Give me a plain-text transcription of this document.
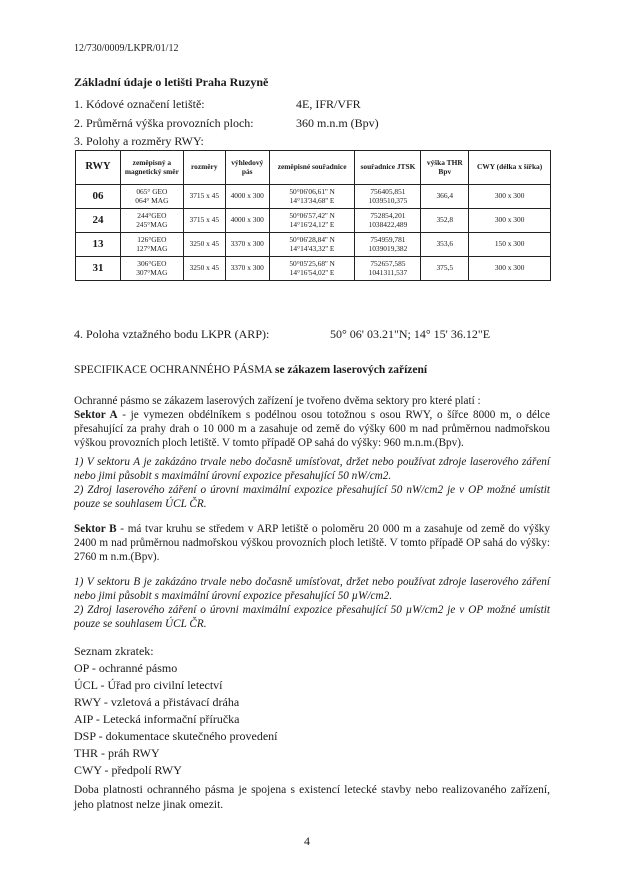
12/730/0009/LKPR/01/12
Základní údaje o letišti Praha Ruzyně
1. Kódové označení letiště:	4E, IFR/VFR
2. Průměrná výška provozních ploch:	360 m.n.m (Bpv)
3. Polohy a rozměry RWY:
RWY	zeměpisný a magnetický směr	rozměry	výhledový pás	zeměpisné souřadnice	souřadnice JTSK	výška THR Bpv	CWY (délka x šířka)
06	065° GEO
064° MAG	3715 x 45	4000 x 300	50°06'06,61'' N
14°13'34,68'' E	756405,851
1039510,375	366,4	300 x 300
24	244°GEO
245°MAG	3715 x 45	4000 x 300	50°06'57,42'' N
14°16'24,12'' E	752854,201
1038422,489	352,8	300 x 300
13	126°GEO
127°MAG	3250 x 45	3370 x 300	50°06'28,84'' N
14°14'43,32'' E	754959,781
1039019,382	353,6	150 x 300
31	306°GEO
307°MAG	3250 x 45	3370 x 300	50°05'25,68'' N
14°16'54,02'' E	752657,585
1041311,537	375,5	300 x 300
4. Poloha vztažného bodu LKPR (ARP):	50° 06' 03.21"N; 14° 15' 36.12"E
SPECIFIKACE OCHRANNÉHO PÁSMA se zákazem laserových zařízení
Ochranné pásmo se zákazem laserových zařízení je tvořeno dvěma sektory pro které platí :
Sektor A - je vymezen obdélníkem s podélnou osou totožnou s osou RWY, o šířce 8000 m, o délce přesahující za prahy drah o 10 000 m a zasahuje od země do výšky 600 m nad průměrnou nadmořskou výškou provozních ploch letiště. V tomto případě OP sahá do výšky: 960 m.n.m.(Bpv).
1) V sektoru A je zakázáno trvale nebo dočasně umísťovat, držet nebo používat zdroje laserového záření nebo jimi působit s maximální úrovní expozice přesahující 50 nW/cm2.
2) Zdroj laserového záření o úrovni maximální expozice přesahující 50 nW/cm2 je v OP možné umístit pouze se souhlasem ÚCL ČR.
Sektor B - má tvar kruhu se středem v ARP letiště o poloměru 20 000 m a zasahuje od země do výšky 2400 m nad průměrnou nadmořskou výškou provozních ploch letiště. V tomto případě OP sahá do výšky: 2760 m n.m.(Bpv).
1) V sektoru B je zakázáno trvale nebo dočasně umísťovat, držet nebo používat zdroje laserového záření nebo jimi působit s maximální úrovní expozice přesahující 50 µW/cm2.
2) Zdroj laserového záření o úrovni maximální expozice přesahující 50 µW/cm2 je v OP možné umístit pouze se souhlasem ÚCL ČR.
Seznam zkratek:
OP - ochranné pásmo
ÚCL - Úřad pro civilní letectví
RWY - vzletová a přistávací dráha
AIP - Letecká informační příručka
DSP - dokumentace skutečného provedení
THR - práh RWY
CWY - předpolí RWY
Doba platnosti ochranného pásma je spojena s existencí letecké stavby nebo realizovaného zařízení, jeho platnost nelze jinak omezit.
4
